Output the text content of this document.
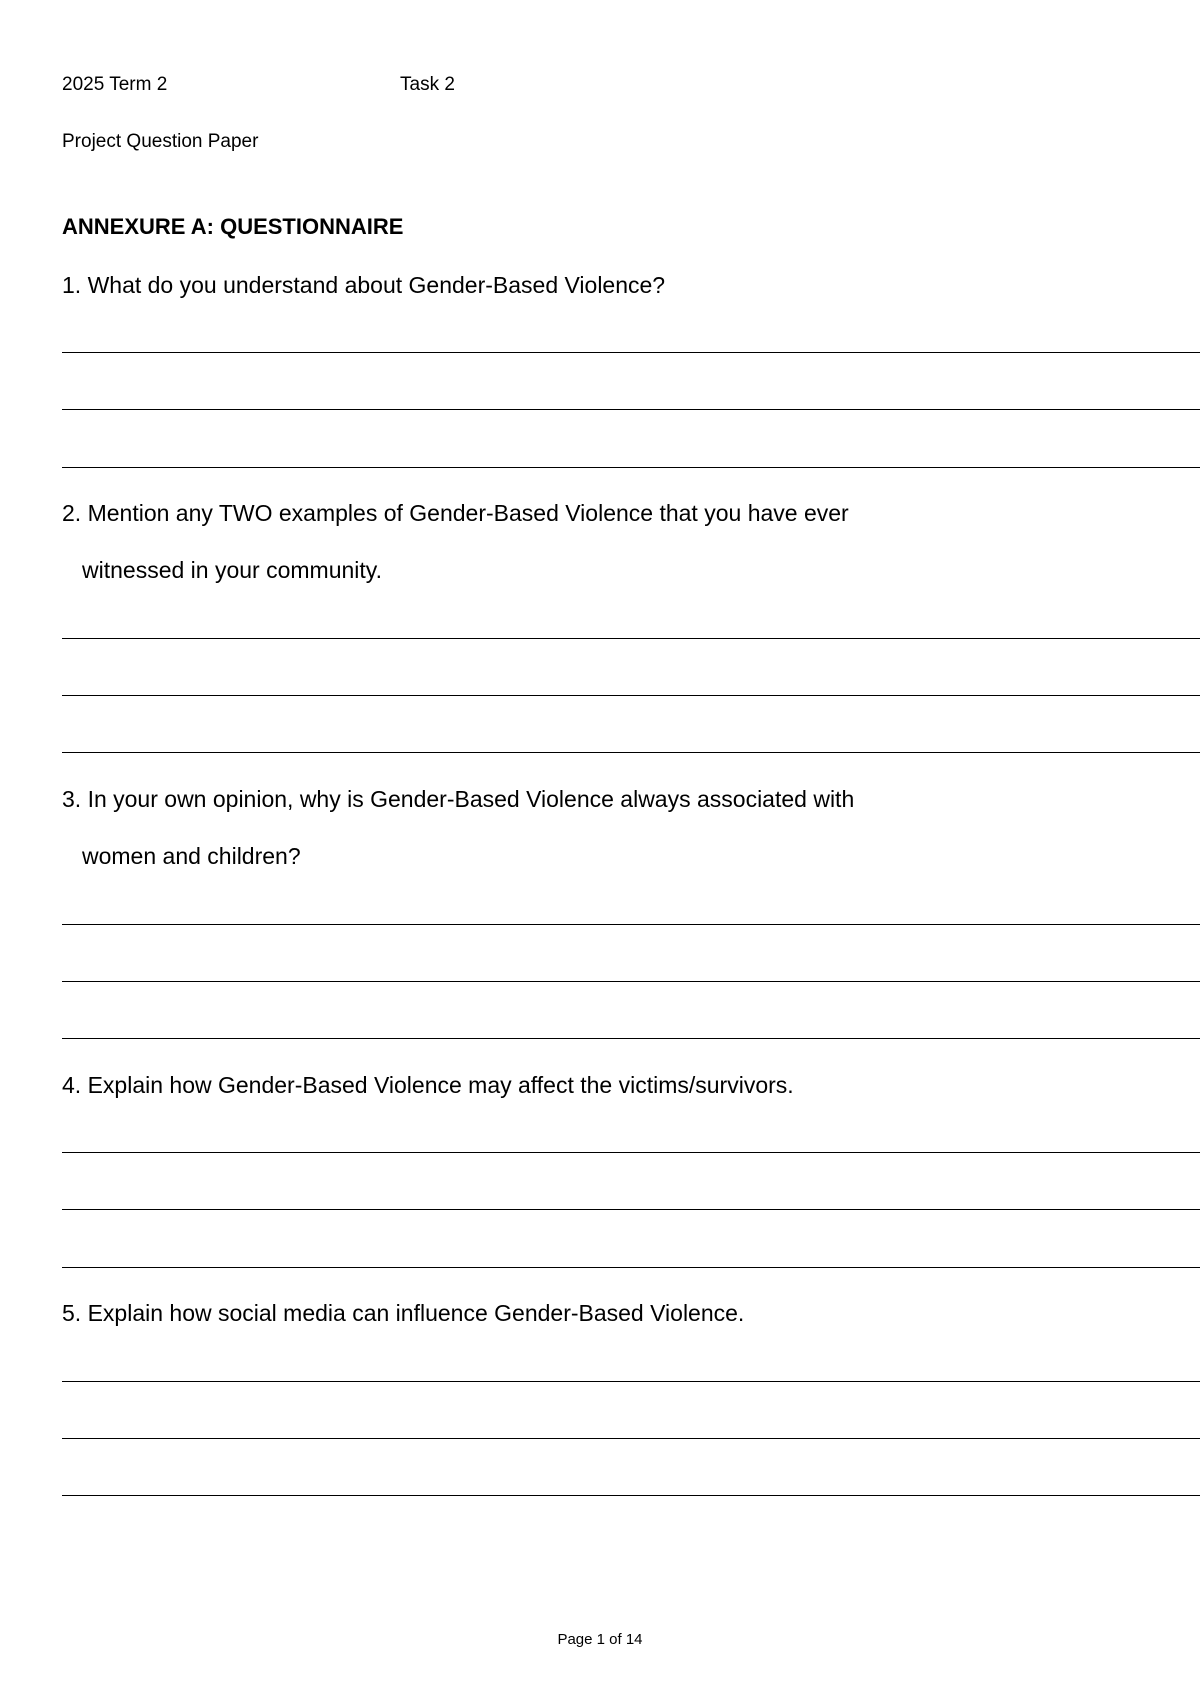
2025 Term 2	Task 2
Project Question Paper
ANNEXURE A: QUESTIONNAIRE
1. What do you understand about Gender-Based Violence?
2. Mention any TWO examples of Gender-Based Violence that you have ever
witnessed in your community.
3. In your own opinion, why is Gender-Based Violence always associated with
women and children?
4. Explain how Gender-Based Violence may affect the victims/survivors.
5. Explain how social media can influence Gender-Based Violence.
Page 1 of 14
